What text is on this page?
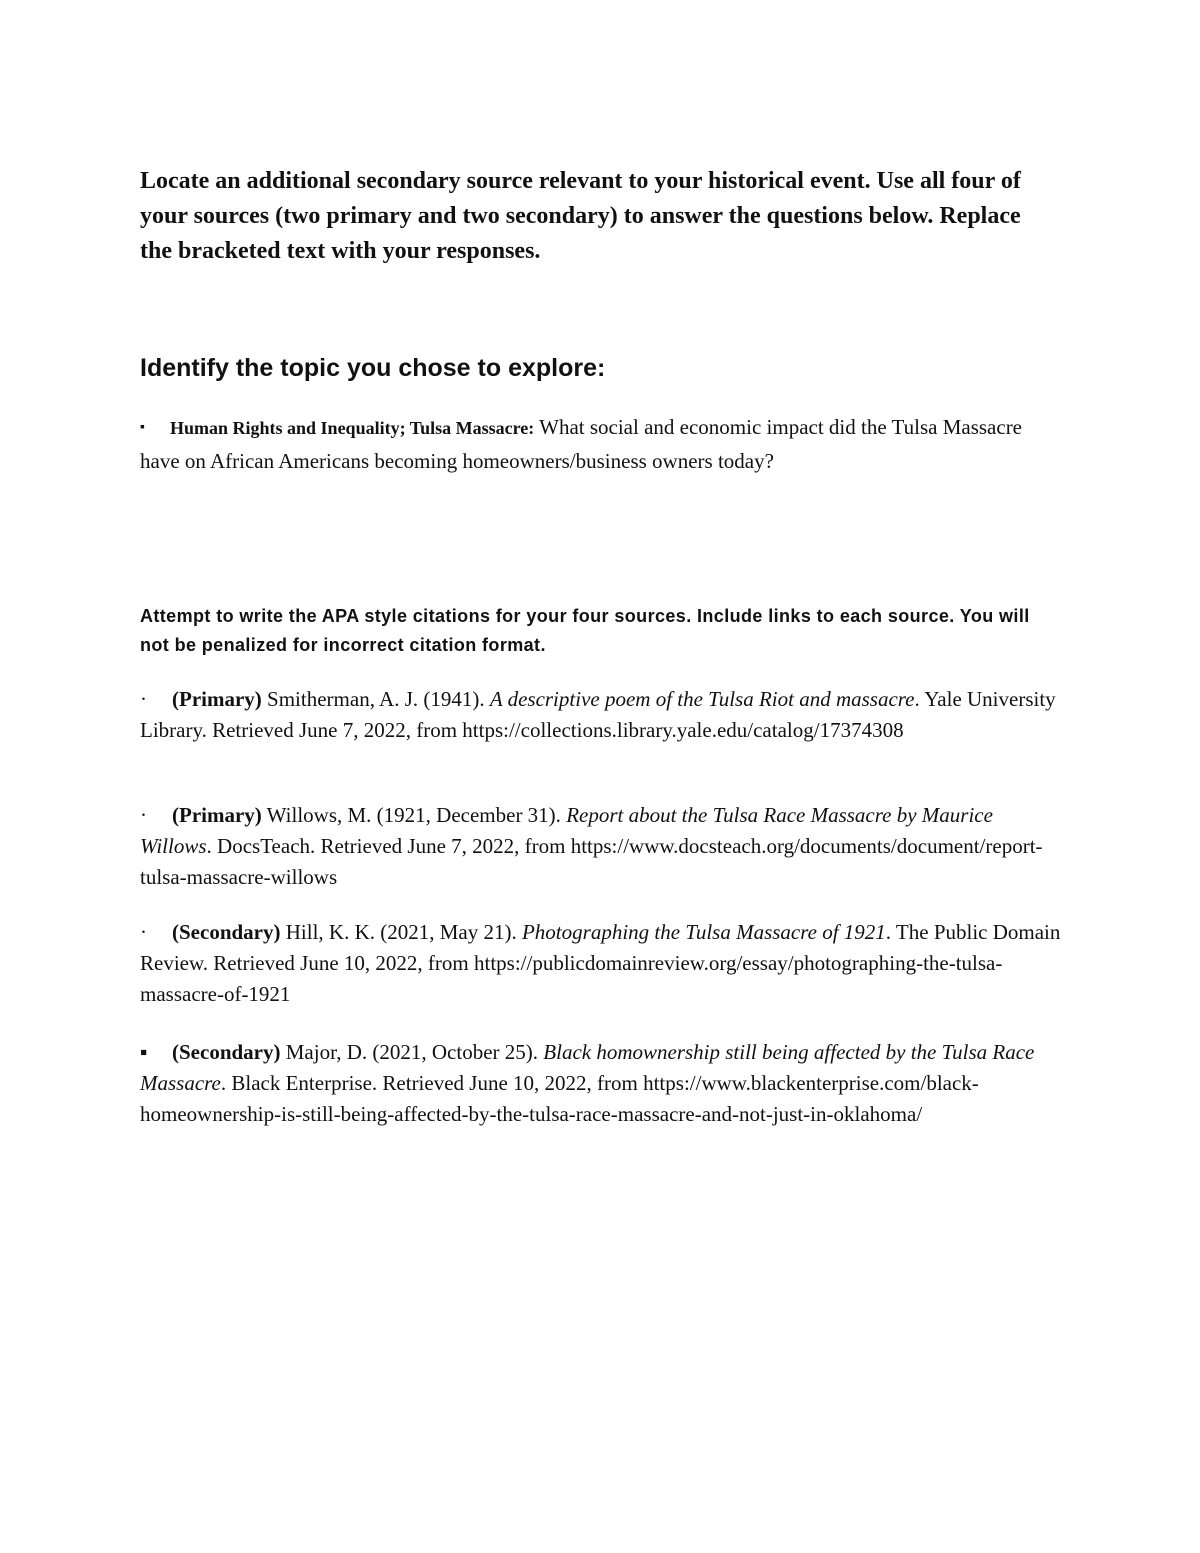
Locate an additional secondary source relevant to your historical event. Use all four of your sources (two primary and two secondary) to answer the questions below. Replace the bracketed text with your responses.

Identify the topic you chose to explore:

▪ Human Rights and Inequality; Tulsa Massacre: What social and economic impact did the Tulsa Massacre have on African Americans becoming homeowners/business owners today?

Attempt to write the APA style citations for your four sources. Include links to each source. You will not be penalized for incorrect citation format.

· (Primary) Smitherman, A. J. (1941). A descriptive poem of the Tulsa Riot and massacre. Yale University Library. Retrieved June 7, 2022, from https://collections.library.yale.edu/catalog/17374308

· (Primary) Willows, M. (1921, December 31). Report about the Tulsa Race Massacre by Maurice Willows. DocsTeach. Retrieved June 7, 2022, from https://www.docsteach.org/documents/document/report-tulsa-massacre-willows

· (Secondary) Hill, K. K. (2021, May 21). Photographing the Tulsa Massacre of 1921. The Public Domain Review. Retrieved June 10, 2022, from https://publicdomainreview.org/essay/photographing-the-tulsa-massacre-of-1921

▪ (Secondary) Major, D. (2021, October 25). Black homownership still being affected by the Tulsa Race Massacre. Black Enterprise. Retrieved June 10, 2022, from https://www.blackenterprise.com/black-homeownership-is-still-being-affected-by-the-tulsa-race-massacre-and-not-just-in-oklahoma/
